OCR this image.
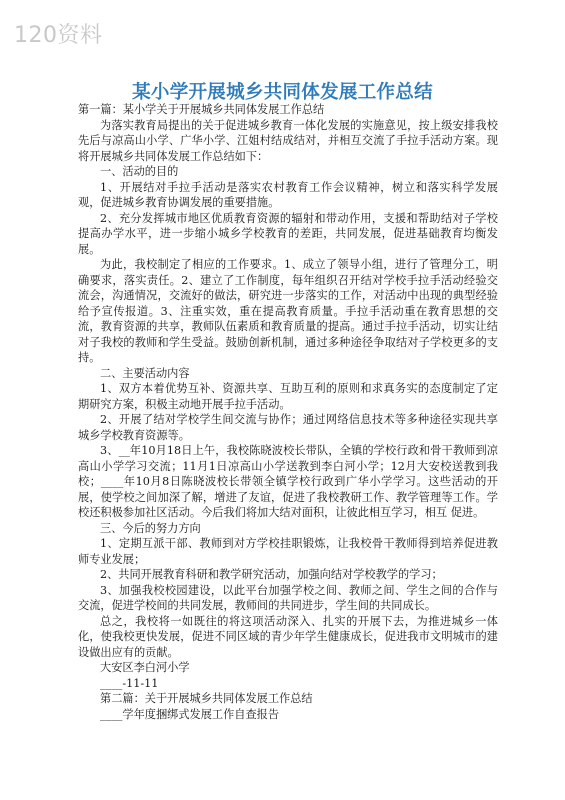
120资料
某小学开展城乡共同体发展工作总结

第一篇：某小学关于开展城乡共同体发展工作总结

为落实教育局提出的关于促进城乡教育一体化发展的实施意见，按上级安排我校先后与凉高山小学、广华小学、江姐村结成结对，并相互交流了手拉手活动方案。现将开展城乡共同体发展工作总结如下：

一、活动的目的

1、开展结对手拉手活动是落实农村教育工作会议精神，树立和落实科学发展观，促进城乡教育协调发展的重要措施。

2、充分发挥城市地区优质教育资源的辐射和带动作用，支援和帮助结对子学校提高办学水平，进一步缩小城乡学校教育的差距，共同发展，促进基础教育均衡发展。

为此，我校制定了相应的工作要求。1、成立了领导小组，进行了管理分工，明确要求，落实责任。2、建立了工作制度，每年组织召开结对学校手拉手活动经验交流会，沟通情况，交流好的做法，研究进一步落实的工作，对活动中出现的典型经验给予宣传报道。3、注重实效，重在提高教育质量。手拉手活动重在教育思想的交流，教育资源的共享，教师队伍素质和教育质量的提高。通过手拉手活动，切实让结对子我校的教师和学生受益。鼓励创新机制，通过多种途径争取结对子学校更多的支持。

二、主要活动内容

1、双方本着优势互补、资源共享、互助互利的原则和求真务实的态度制定了定期研究方案，积极主动地开展手拉手活动。

2、开展了结对学校学生间交流与协作；通过网络信息技术等多种途径实现共享城乡学校教育资源等。

3、__年10月18日上午，我校陈晓波校长带队，全镇的学校行政和骨干教师到凉高山小学学习交流；11月1日凉高山小学送教到李白河小学；12月大安校送教到我校；____年10月8日陈晓波校长带领全镇学校行政到广华小学学习。这些活动的开展，使学校之间加深了解，增进了友谊，促进了我校教研工作、教学管理等工作。学校还积极参加社区活动。今后我们将加大结对面积，让彼此相互学习，相互 促进。

三、今后的努力方向

1、定期互派干部、教师到对方学校挂职锻炼，让我校骨干教师得到培养促进教师专业发展；

2、共同开展教育科研和教学研究活动，加强向结对学校教学的学习；

3、加强我校校园建设，以此平台加强学校之间、教师之间、学生之间的合作与交流，促进学校间的共同发展，教师间的共同进步，学生间的共同成长。

总之，我校将一如既往的将这项活动深入、扎实的开展下去，为推进城乡一体化，使我校更快发展，促进不同区域的青少年学生健康成长，促进我市文明城市的建设做出应有的贡献。

大安区李白河小学

____-11-11

第二篇：关于开展城乡共同体发展工作总结

____学年度捆绑式发展工作自查报告
